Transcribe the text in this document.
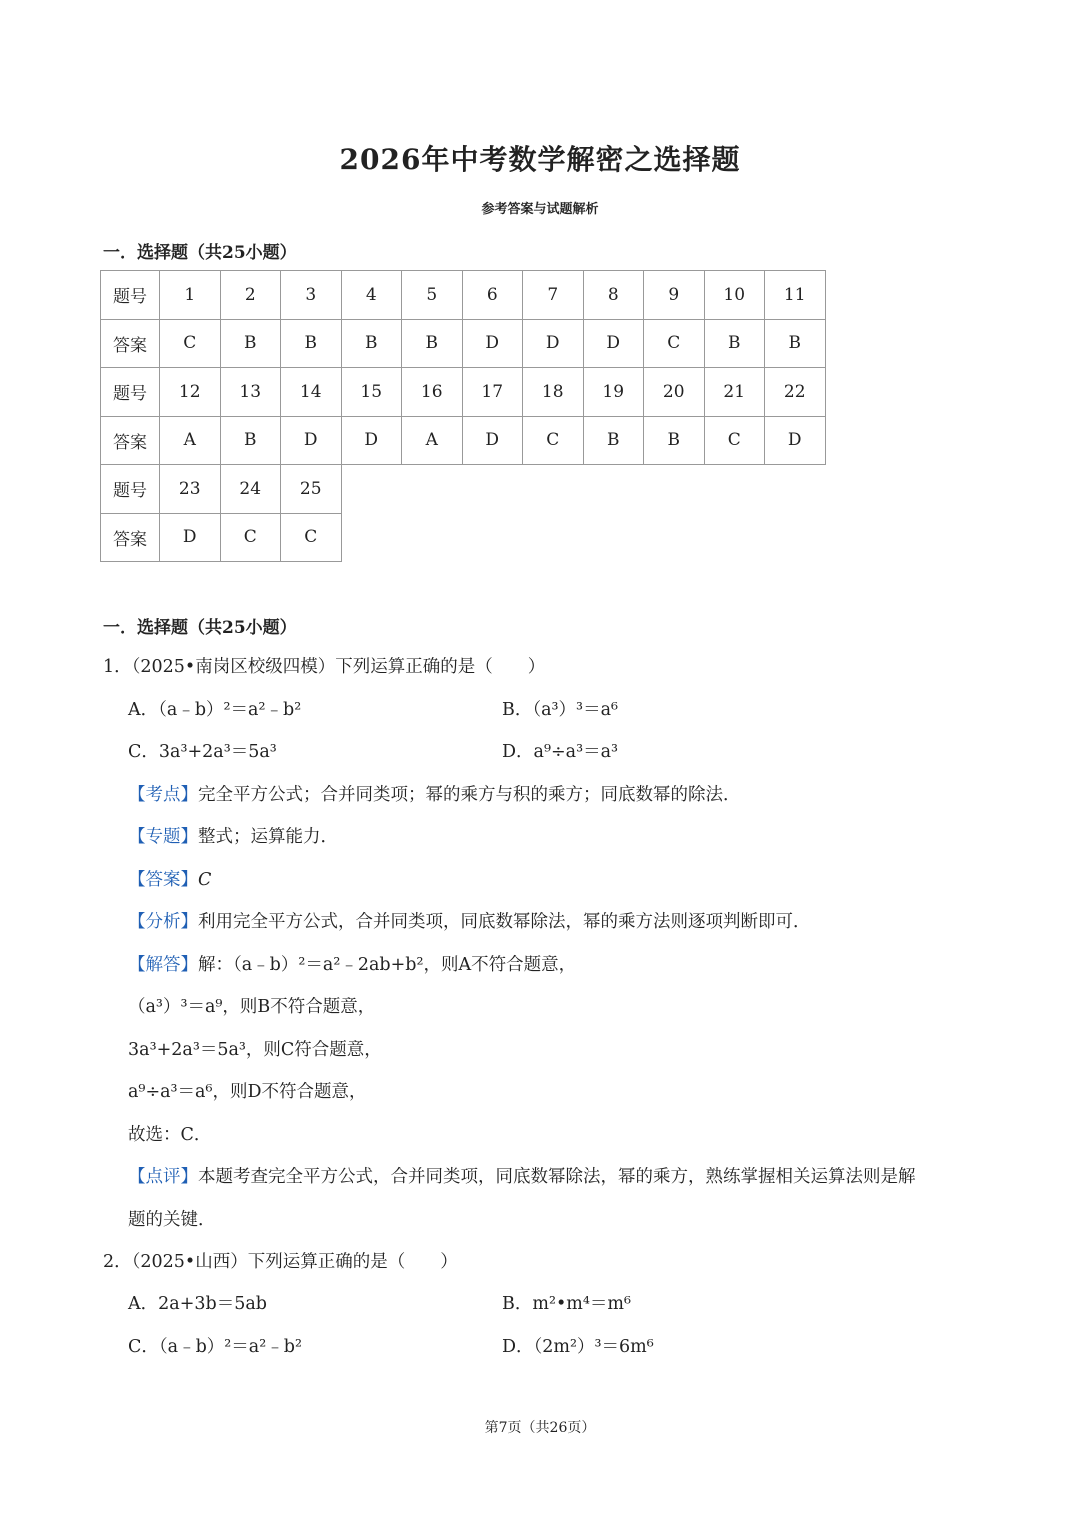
2026年中考数学解密之选择题
参考答案与试题解析
一．选择题（共25小题）
题号	1	2	3	4	5	6	7	8	9	10	11
答案	C	B	B	B	B	D	D	D	C	B	B
题号	12	13	14	15	16	17	18	19	20	21	22
答案	A	B	D	D	A	D	C	B	B	C	D
题号	23	24	25								
答案	D	C	C								
一．选择题（共25小题）
1．（2025•南岗区校级四模）下列运算正确的是（　　）
A．（a﹣b）²＝a²﹣b²	B．（a³）³＝a⁶
C．3a³+2a³＝5a³	D．a⁹÷a³＝a³
【考点】完全平方公式；合并同类项；幂的乘方与积的乘方；同底数幂的除法．
【专题】整式；运算能力．
【答案】C
【分析】利用完全平方公式，合并同类项，同底数幂除法，幂的乘方法则逐项判断即可．
【解答】解：（a﹣b）²＝a²﹣2ab+b²，则A不符合题意，
（a³）³＝a⁹，则B不符合题意，
3a³+2a³＝5a³，则C符合题意，
a⁹÷a³＝a⁶，则D不符合题意，
故选：C．
【点评】本题考查完全平方公式，合并同类项，同底数幂除法，幂的乘方，熟练掌握相关运算法则是解
题的关键．
2．（2025•山西）下列运算正确的是（　　）
A．2a+3b＝5ab	B．m²•m⁴＝m⁶
C．（a﹣b）²＝a²﹣b²	D．（2m²）³＝6m⁶
第7页（共26页）
